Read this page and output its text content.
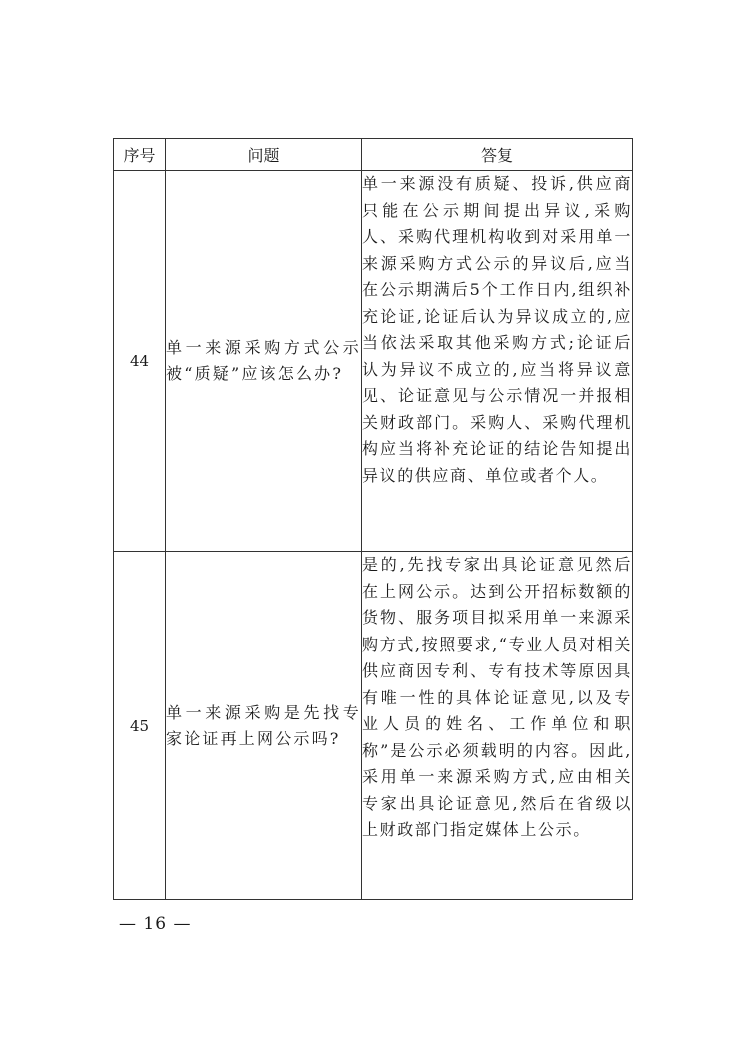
序号	问题	答复
44	单一来源采购方式公示被“质疑”应该怎么办?	单一来源没有质疑、投诉,供应商只能在公示期间提出异议,采购人、采购代理机构收到对采用单一来源采购方式公示的异议后,应当在公示期满后5个工作日内,组织补充论证,论证后认为异议成立的,应当依法采取其他采购方式;论证后认为异议不成立的,应当将异议意见、论证意见与公示情况一并报相关财政部门。采购人、采购代理机构应当将补充论证的结论告知提出异议的供应商、单位或者个人。

45	单一来源采购是先找专家论证再上网公示吗?	是的,先找专家出具论证意见然后在上网公示。达到公开招标数额的货物、服务项目拟采用单一来源采购方式,按照要求,“专业人员对相关供应商因专利、专有技术等原因具有唯一性的具体论证意见,以及专业人员的姓名、工作单位和职称”是公示必须载明的内容。因此,采用单一来源采购方式,应由相关专家出具论证意见,然后在省级以上财政部门指定媒体上公示。
— 16 —
